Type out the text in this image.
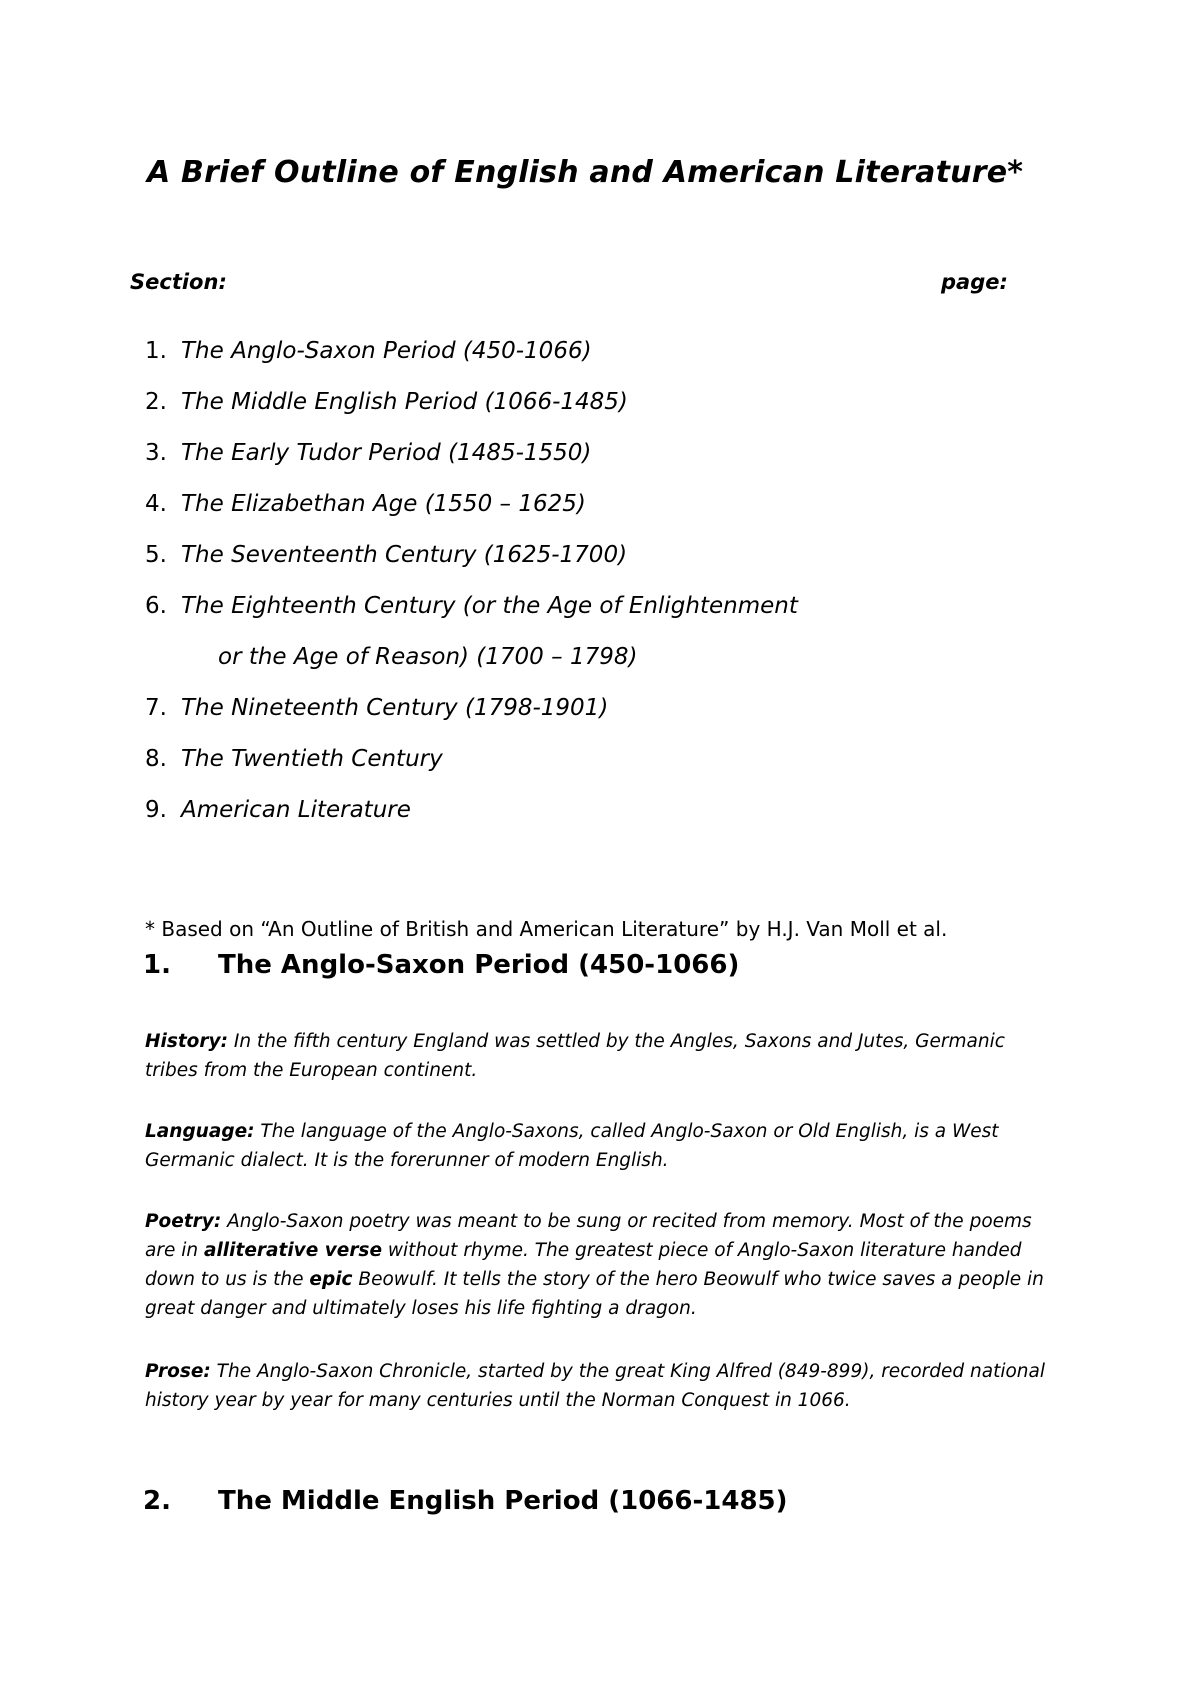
A Brief Outline of English and American Literature*
Section:	page:
1. The Anglo-Saxon Period (450-1066)
2. The Middle English Period (1066-1485)
3. The Early Tudor Period (1485-1550)
4. The Elizabethan Age (1550 – 1625)
5. The Seventeenth Century (1625-1700)
6. The Eighteenth Century (or the Age of Enlightenment
or the Age of Reason) (1700 – 1798)
7. The Nineteenth Century (1798-1901)
8. The Twentieth Century
9. American Literature
* Based on “An Outline of British and American Literature” by H.J. Van Moll et al.
1. The Anglo-Saxon Period (450-1066)
History: In the fifth century England was settled by the Angles, Saxons and Jutes, Germanic tribes from the European continent.
Language: The language of the Anglo-Saxons, called Anglo-Saxon or Old English, is a West Germanic dialect. It is the forerunner of modern English.
Poetry: Anglo-Saxon poetry was meant to be sung or recited from memory. Most of the poems are in alliterative verse without rhyme. The greatest piece of Anglo-Saxon literature handed down to us is the epic Beowulf. It tells the story of the hero Beowulf who twice saves a people in great danger and ultimately loses his life fighting a dragon.
Prose: The Anglo-Saxon Chronicle, started by the great King Alfred (849-899), recorded national history year by year for many centuries until the Norman Conquest in 1066.
2. The Middle English Period (1066-1485)
